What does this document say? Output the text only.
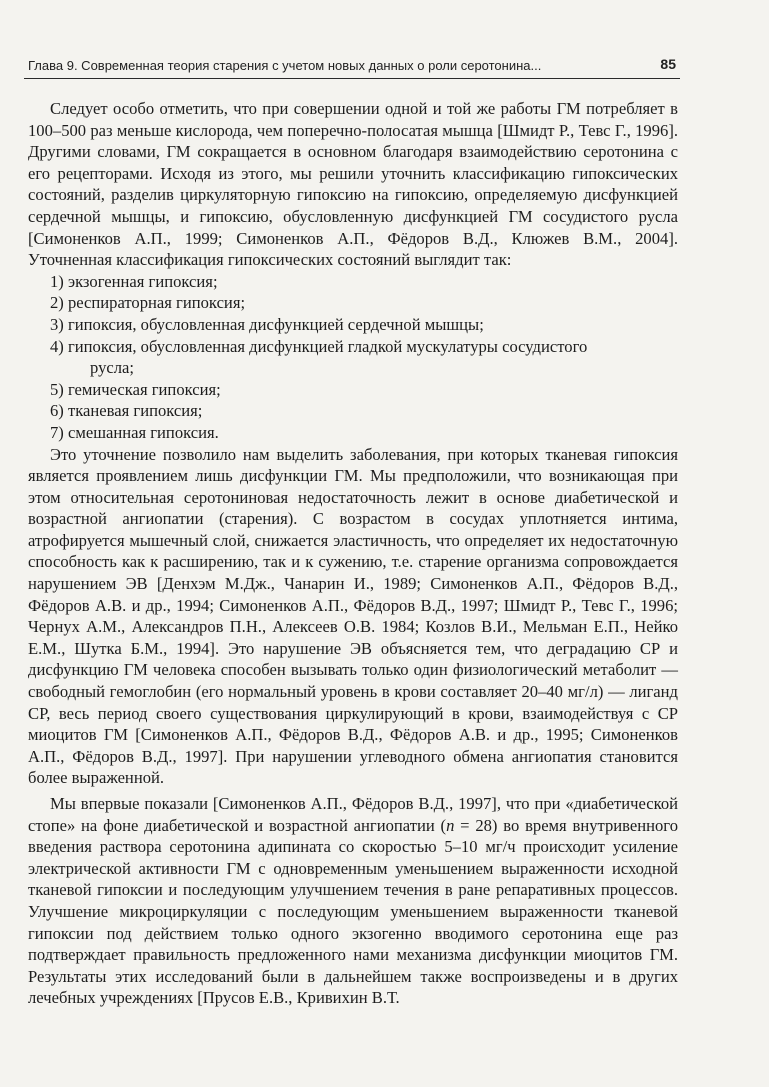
Глава 9. Современная теория старения с учетом новых данных о роли серотонина...	85

Следует особо отметить, что при совершении одной и той же работы ГМ потребляет в 100–500 раз меньше кислорода, чем поперечно-полосатая мышца [Шмидт Р., Тевс Г., 1996]. Другими словами, ГМ сокращается в основном благодаря взаимодействию серотонина с его рецепторами. Исходя из этого, мы решили уточнить классификацию гипоксических состояний, разделив циркуляторную гипоксию на гипоксию, определяемую дисфункцией сердечной мышцы, и гипоксию, обусловленную дисфункцией ГМ сосудистого русла [Симоненков А.П., 1999; Симоненков А.П., Фёдоров В.Д., Клюжев В.М., 2004]. Уточненная классификация гипоксических состояний выглядит так:

1) экзогенная гипоксия;
2) респираторная гипоксия;
3) гипоксия, обусловленная дисфункцией сердечной мышцы;
4) гипоксия, обусловленная дисфункцией гладкой мускулатуры сосудистого
русла;
5) гемическая гипоксия;
6) тканевая гипоксия;
7) смешанная гипоксия.

Это уточнение позволило нам выделить заболевания, при которых тканевая гипоксия является проявлением лишь дисфункции ГМ. Мы предположили, что возникающая при этом относительная серотониновая недостаточность лежит в основе диабетической и возрастной ангиопатии (старения). С возрастом в сосудах уплотняется интима, атрофируется мышечный слой, снижается эластичность, что определяет их недостаточную способность как к расширению, так и к сужению, т.е. старение организма сопровождается нарушением ЭВ [Денхэм М.Дж., Чанарин И., 1989; Симоненков А.П., Фёдоров В.Д., Фёдоров А.В. и др., 1994; Симоненков А.П., Фёдоров В.Д., 1997; Шмидт Р., Тевс Г., 1996; Чернух А.М., Александров П.Н., Алексеев О.В. 1984; Козлов В.И., Мельман Е.П., Нейко Е.М., Шутка Б.М., 1994]. Это нарушение ЭВ объясняется тем, что деградацию СР и дисфункцию ГМ человека способен вызывать только один физиологический метаболит — свободный гемоглобин (его нормальный уровень в крови составляет 20–40 мг/л) — лиганд СР, весь период своего существования циркулирующий в крови, взаимодействуя с СР миоцитов ГМ [Симоненков А.П., Фёдоров В.Д., Фёдоров А.В. и др., 1995; Симоненков А.П., Фёдоров В.Д., 1997]. При нарушении углеводного обмена ангиопатия становится более выраженной.

Мы впервые показали [Симоненков А.П., Фёдоров В.Д., 1997], что при «диабетической стопе» на фоне диабетической и возрастной ангиопатии (n = 28) во время внутривенного введения раствора серотонина адипината со скоростью 5–10 мг/ч происходит усиление электрической активности ГМ с одновременным уменьшением выраженности исходной тканевой гипоксии и последующим улучшением течения в ране репаративных процессов. Улучшение микроциркуляции с последующим уменьшением выраженности тканевой гипоксии под действием только одного экзогенно вводимого серотонина еще раз подтверждает правильность предложенного нами механизма дисфункции миоцитов ГМ. Результаты этих исследований были в дальнейшем также воспроизведены и в других лечебных учреждениях [Прусов Е.В., Кривихин В.Т.
